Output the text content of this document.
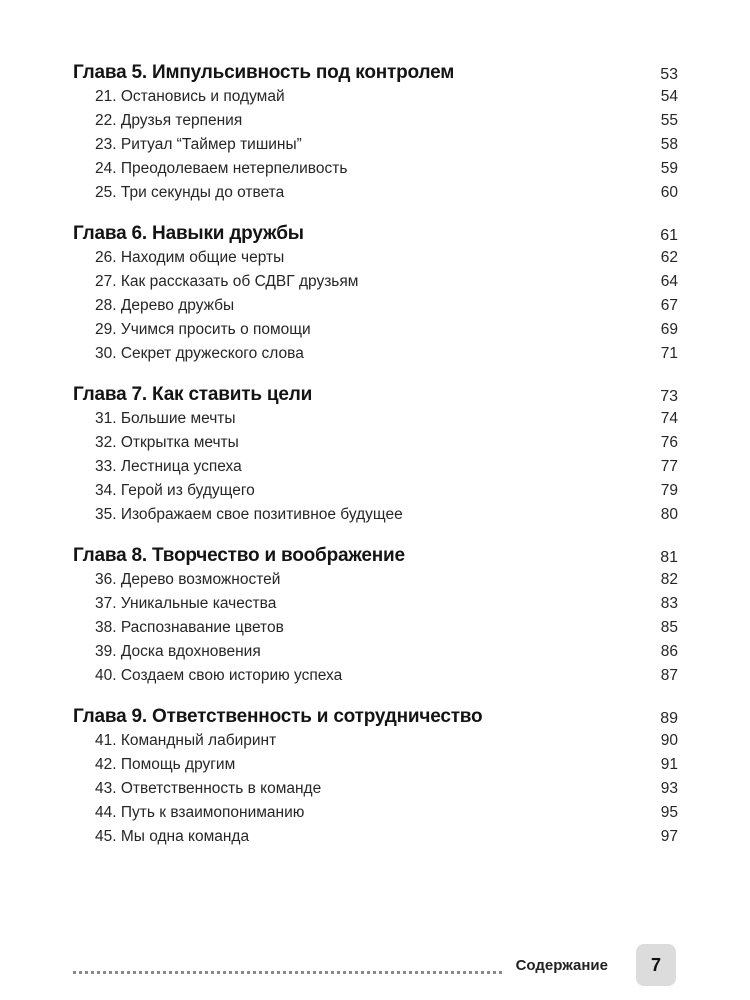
Глава 5. Импульсивность под контролем	53
21. Остановись и подумай	54
22. Друзья терпения	55
23. Ритуал “Таймер тишины”	58
24. Преодолеваем нетерпеливость	59
25. Три секунды до ответа	60
Глава 6. Навыки дружбы	61
26. Находим общие черты	62
27. Как рассказать об СДВГ друзьям	64
28. Дерево дружбы	67
29. Учимся просить о помощи	69
30. Секрет дружеского слова	71
Глава 7. Как ставить цели	73
31. Большие мечты	74
32. Открытка мечты	76
33. Лестница успеха	77
34. Герой из будущего	79
35. Изображаем свое позитивное будущее	80
Глава 8. Творчество и воображение	81
36. Дерево возможностей	82
37. Уникальные качества	83
38. Распознавание цветов	85
39. Доска вдохновения	86
40. Создаем свою историю успеха	87
Глава 9. Ответственность и сотрудничество	89
41. Командный лабиринт	90
42. Помощь другим	91
43. Ответственность в команде	93
44. Путь к взаимопониманию	95
45. Мы одна команда	97
Содержание	7
